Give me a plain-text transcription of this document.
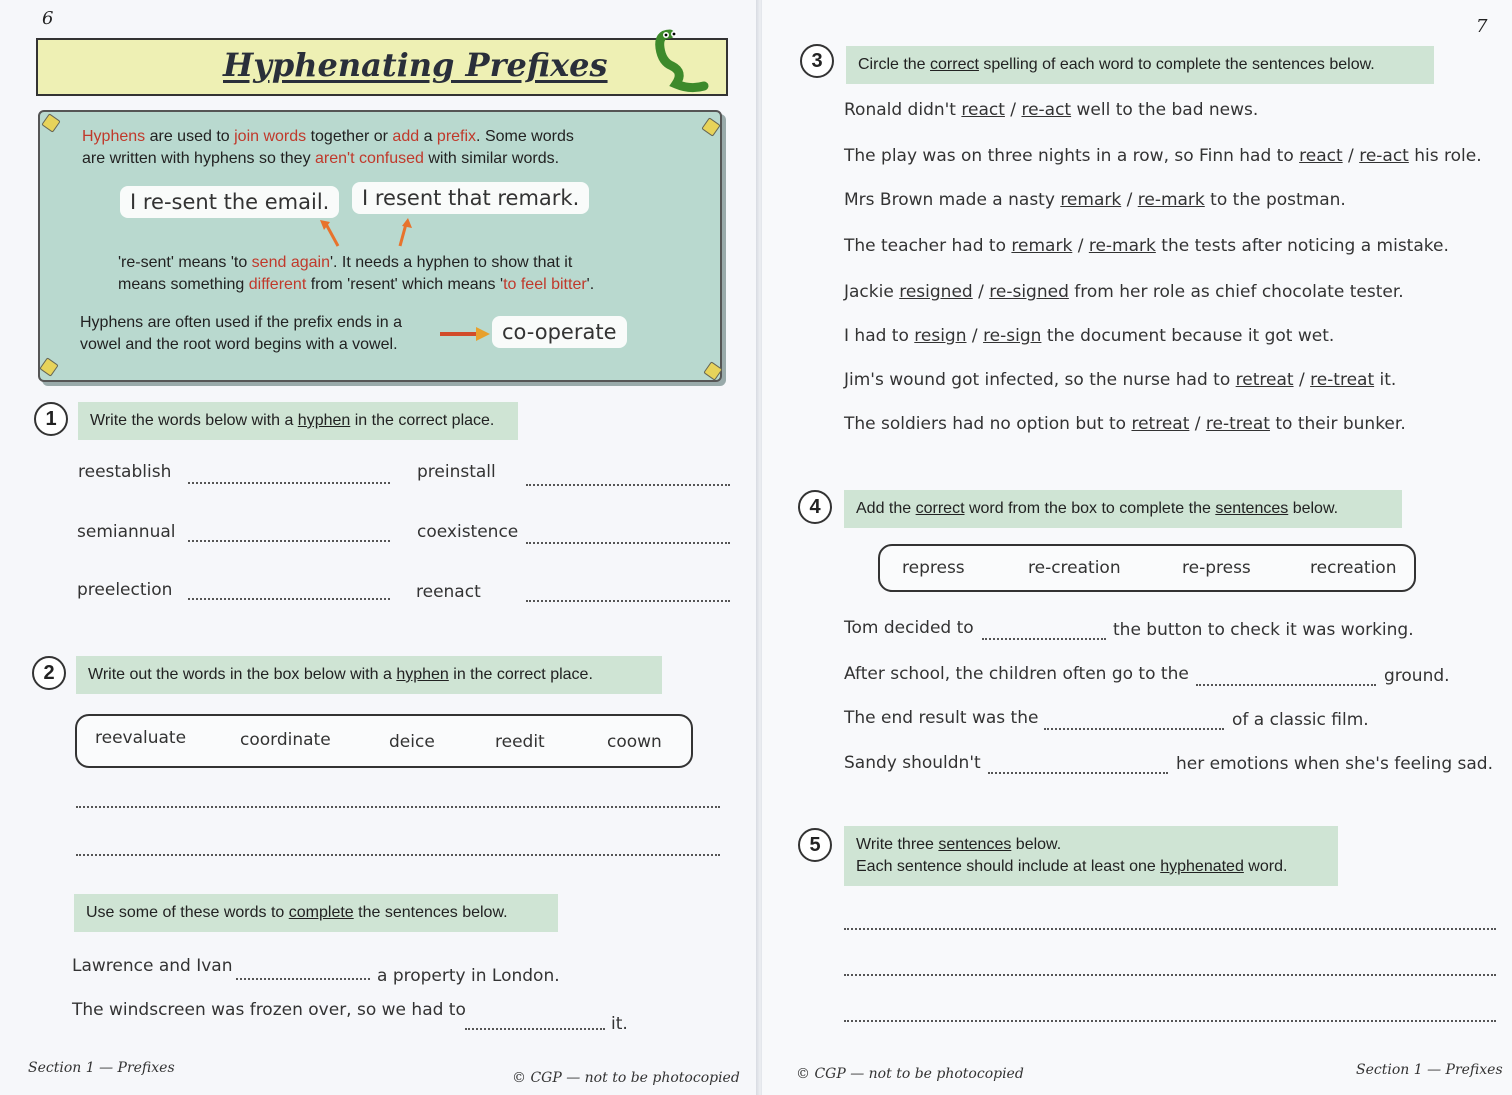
6
Hyphenating Prefixes
Hyphens are used to join words together or add a prefix. Some words
are written with hyphens so they aren't confused with similar words.
I re-sent the email.	I resent that remark.
're-sent' means 'to send again'. It needs a hyphen to show that it
means something different from 'resent' which means 'to feel bitter'.
Hyphens are often used if the prefix ends in a
vowel and the root word begins with a vowel.
co-operate
1	Write the words below with a hyphen in the correct place.
reestablish	preinstall
semiannual	coexistence
preelection	reenact
2	Write out the words in the box below with a hyphen in the correct place.
reevaluate	coordinate	deice	reedit	coown
Use some of these words to complete the sentences below.
Lawrence and Ivan	a property in London.
The windscreen was frozen over, so we had to
it.
Section 1 — Prefixes
© CGP — not to be photocopied
7
3	Circle the correct spelling of each word to complete the sentences below.
Ronald didn't react / re-act well to the bad news.
The play was on three nights in a row, so Finn had to react / re-act his role.
Mrs Brown made a nasty remark / re-mark to the postman.
The teacher had to remark / re-mark the tests after noticing a mistake.
Jackie resigned / re-signed from her role as chief chocolate tester.
I had to resign / re-sign the document because it got wet.
Jim's wound got infected, so the nurse had to retreat / re-treat it.
The soldiers had no option but to retreat / re-treat to their bunker.
4	Add the correct word from the box to complete the sentences below.
repress	re-creation	re-press	recreation
Tom decided to	the button to check it was working.
After school, the children often go to the	ground.
The end result was the	of a classic film.
Sandy shouldn't	her emotions when she's feeling sad.
5	Write three sentences below.
Each sentence should include at least one hyphenated word.
© CGP — not to be photocopied	Section 1 — Prefixes
